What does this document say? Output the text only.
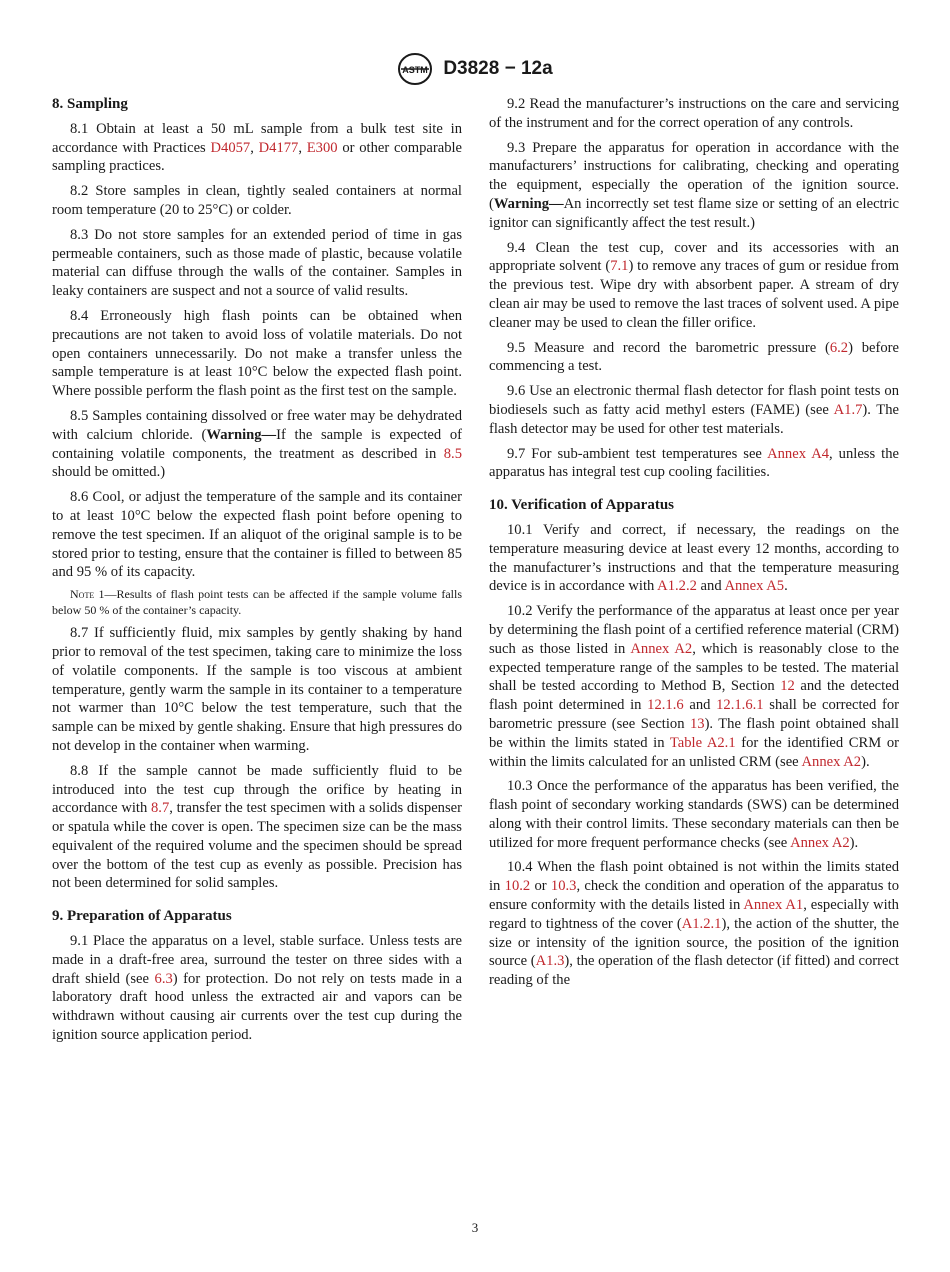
ASTM D3828 − 12a
8. Sampling

8.1 Obtain at least a 50 mL sample from a bulk test site in accordance with Practices D4057, D4177, E300 or other comparable sampling practices.

8.2 Store samples in clean, tightly sealed containers at normal room temperature (20 to 25°C) or colder.

8.3 Do not store samples for an extended period of time in gas permeable containers, such as those made of plastic, because volatile material can diffuse through the walls of the container. Samples in leaky containers are suspect and not a source of valid results.

8.4 Erroneously high flash points can be obtained when precautions are not taken to avoid loss of volatile materials. Do not open containers unnecessarily. Do not make a transfer unless the sample temperature is at least 10°C below the expected flash point. Where possible perform the flash point as the first test on the sample.

8.5 Samples containing dissolved or free water may be dehydrated with calcium chloride. (Warning—If the sample is expected of containing volatile components, the treatment as described in 8.5 should be omitted.)

8.6 Cool, or adjust the temperature of the sample and its container to at least 10°C below the expected flash point before opening to remove the test specimen. If an aliquot of the original sample is to be stored prior to testing, ensure that the container is filled to between 85 and 95 % of its capacity.

Note 1—Results of flash point tests can be affected if the sample volume falls below 50 % of the container’s capacity.

8.7 If sufficiently fluid, mix samples by gently shaking by hand prior to removal of the test specimen, taking care to minimize the loss of volatile components. If the sample is too viscous at ambient temperature, gently warm the sample in its container to a temperature not warmer than 10°C below the test temperature, such that the sample can be mixed by gentle shaking. Ensure that high pressures do not develop in the container when warming.

8.8 If the sample cannot be made sufficiently fluid to be introduced into the test cup through the orifice by heating in accordance with 8.7, transfer the test specimen with a solids dispenser or spatula while the cover is open. The specimen size can be the mass equivalent of the required volume and the specimen should be spread over the bottom of the test cup as evenly as possible. Precision has not been determined for solid samples.

9. Preparation of Apparatus

9.1 Place the apparatus on a level, stable surface. Unless tests are made in a draft-free area, surround the tester on three sides with a draft shield (see 6.3) for protection. Do not rely on tests made in a laboratory draft hood unless the extracted air and vapors can be withdrawn without causing air currents over the test cup during the ignition source application period.

9.2 Read the manufacturer’s instructions on the care and servicing of the instrument and for the correct operation of any controls.

9.3 Prepare the apparatus for operation in accordance with the manufacturers’ instructions for calibrating, checking and operating the equipment, especially the operation of the ignition source. (Warning—An incorrectly set test flame size or setting of an electric ignitor can significantly affect the test result.)

9.4 Clean the test cup, cover and its accessories with an appropriate solvent (7.1) to remove any traces of gum or residue from the previous test. Wipe dry with absorbent paper. A stream of dry clean air may be used to remove the last traces of solvent used. A pipe cleaner may be used to clean the filler orifice.

9.5 Measure and record the barometric pressure (6.2) before commencing a test.

9.6 Use an electronic thermal flash detector for flash point tests on biodiesels such as fatty acid methyl esters (FAME) (see A1.7). The flash detector may be used for other test materials.

9.7 For sub-ambient test temperatures see Annex A4, unless the apparatus has integral test cup cooling facilities.

10. Verification of Apparatus

10.1 Verify and correct, if necessary, the readings on the temperature measuring device at least every 12 months, according to the manufacturer’s instructions and that the temperature measuring device is in accordance with A1.2.2 and Annex A5.

10.2 Verify the performance of the apparatus at least once per year by determining the flash point of a certified reference material (CRM) such as those listed in Annex A2, which is reasonably close to the expected temperature range of the samples to be tested. The material shall be tested according to Method B, Section 12 and the detected flash point determined in 12.1.6 and 12.1.6.1 shall be corrected for barometric pressure (see Section 13). The flash point obtained shall be within the limits stated in Table A2.1 for the identified CRM or within the limits calculated for an unlisted CRM (see Annex A2).

10.3 Once the performance of the apparatus has been verified, the flash point of secondary working standards (SWS) can be determined along with their control limits. These secondary materials can then be utilized for more frequent performance checks (see Annex A2).

10.4 When the flash point obtained is not within the limits stated in 10.2 or 10.3, check the condition and operation of the apparatus to ensure conformity with the details listed in Annex A1, especially with regard to tightness of the cover (A1.2.1), the action of the shutter, the size or intensity of the ignition source, the position of the ignition source (A1.3), the operation of the flash detector (if fitted) and correct reading of the

3
